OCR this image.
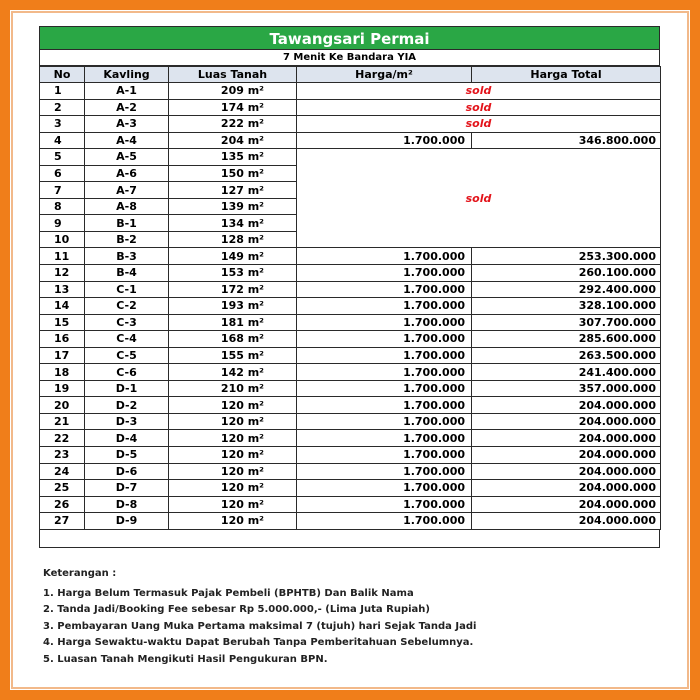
Tawangsari Permai
7 Menit Ke Bandara YIA
No	Kavling	Luas Tanah	Harga/m²	Harga Total
1	A-1	209 m²	sold	
2	A-2	174 m²	sold	
3	A-3	222 m²	sold	
4	A-4	204 m²	1.700.000	346.800.000
5	A-5	135 m²	sold	
6	A-6	150 m²		
7	A-7	127 m²		
8	A-8	139 m²		
9	B-1	134 m²		
10	B-2	128 m²		
11	B-3	149 m²	1.700.000	253.300.000
12	B-4	153 m²	1.700.000	260.100.000
13	C-1	172 m²	1.700.000	292.400.000
14	C-2	193 m²	1.700.000	328.100.000
15	C-3	181 m²	1.700.000	307.700.000
16	C-4	168 m²	1.700.000	285.600.000
17	C-5	155 m²	1.700.000	263.500.000
18	C-6	142 m²	1.700.000	241.400.000
19	D-1	210 m²	1.700.000	357.000.000
20	D-2	120 m²	1.700.000	204.000.000
21	D-3	120 m²	1.700.000	204.000.000
22	D-4	120 m²	1.700.000	204.000.000
23	D-5	120 m²	1.700.000	204.000.000
24	D-6	120 m²	1.700.000	204.000.000
25	D-7	120 m²	1.700.000	204.000.000
26	D-8	120 m²	1.700.000	204.000.000
27	D-9	120 m²	1.700.000	204.000.000
Keterangan :
1. Harga Belum Termasuk Pajak Pembeli (BPHTB) Dan Balik Nama
2. Tanda Jadi/Booking Fee sebesar Rp 5.000.000,- (Lima Juta Rupiah)
3. Pembayaran Uang Muka Pertama maksimal 7 (tujuh) hari Sejak Tanda Jadi
4. Harga Sewaktu-waktu Dapat Berubah Tanpa Pemberitahuan Sebelumnya.
5. Luasan Tanah Mengikuti Hasil Pengukuran BPN.
